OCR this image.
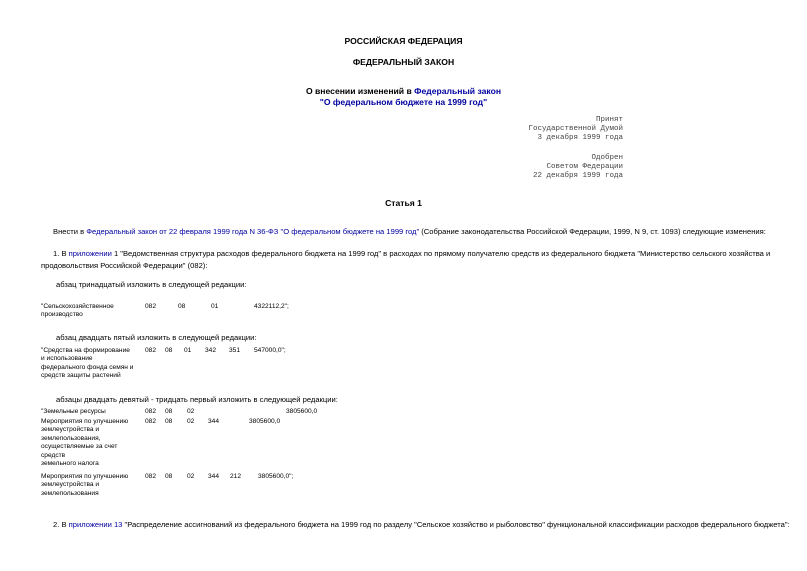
РОССИЙСКАЯ ФЕДЕРАЦИЯ
ФЕДЕРАЛЬНЫЙ ЗАКОН
О внесении изменений в Федеральный закон
"О федеральном бюджете на 1999 год"
Принят
Государственной Думой
3 декабря 1999 года
Одобрен
Советом Федерации
22 декабря 1999 года
Статья 1
Внести в Федеральный закон от 22 февраля 1999 года N 36-ФЗ "О федеральном бюджете на 1999 год" (Собрание законодательства Российской Федерации, 1999, N 9, ст. 1093) следующие изменения:
1. В приложении 1 "Ведомственная структура расходов федерального бюджета на 1999 год" в расходах по прямому получателю средств из федерального бюджета "Министерство сельского хозяйства и
продовольствия Российской Федерации" (082):
абзац тринадцатый изложить в следующей редакции:
"Сельскохозяйственное
производство
082	08	01	4322112,2";
абзац двадцать пятый изложить в следующей редакции:
"Средства на формирование
и использование
федерального фонда семян и
средств защиты растений
082 08 01 342 351 547000,0";
абзацы двадцать девятый - тридцать первый изложить в следующей редакции:
"Земельные ресурсы	082 08 02	3805600,0
Мероприятия по улучшению
землеустройства и
землепользования,
осуществляемые за счет
средств
земельного налога
082 08 02 344	3805600,0
Мероприятия по улучшению
землеустройства и
землепользования
082 08 02 344 212	3805600,0";
2. В приложении 13 "Распределение ассигнований из федерального бюджета на 1999 год по разделу "Сельское хозяйство и рыболовство" функциональной классификации расходов федерального бюджета":
